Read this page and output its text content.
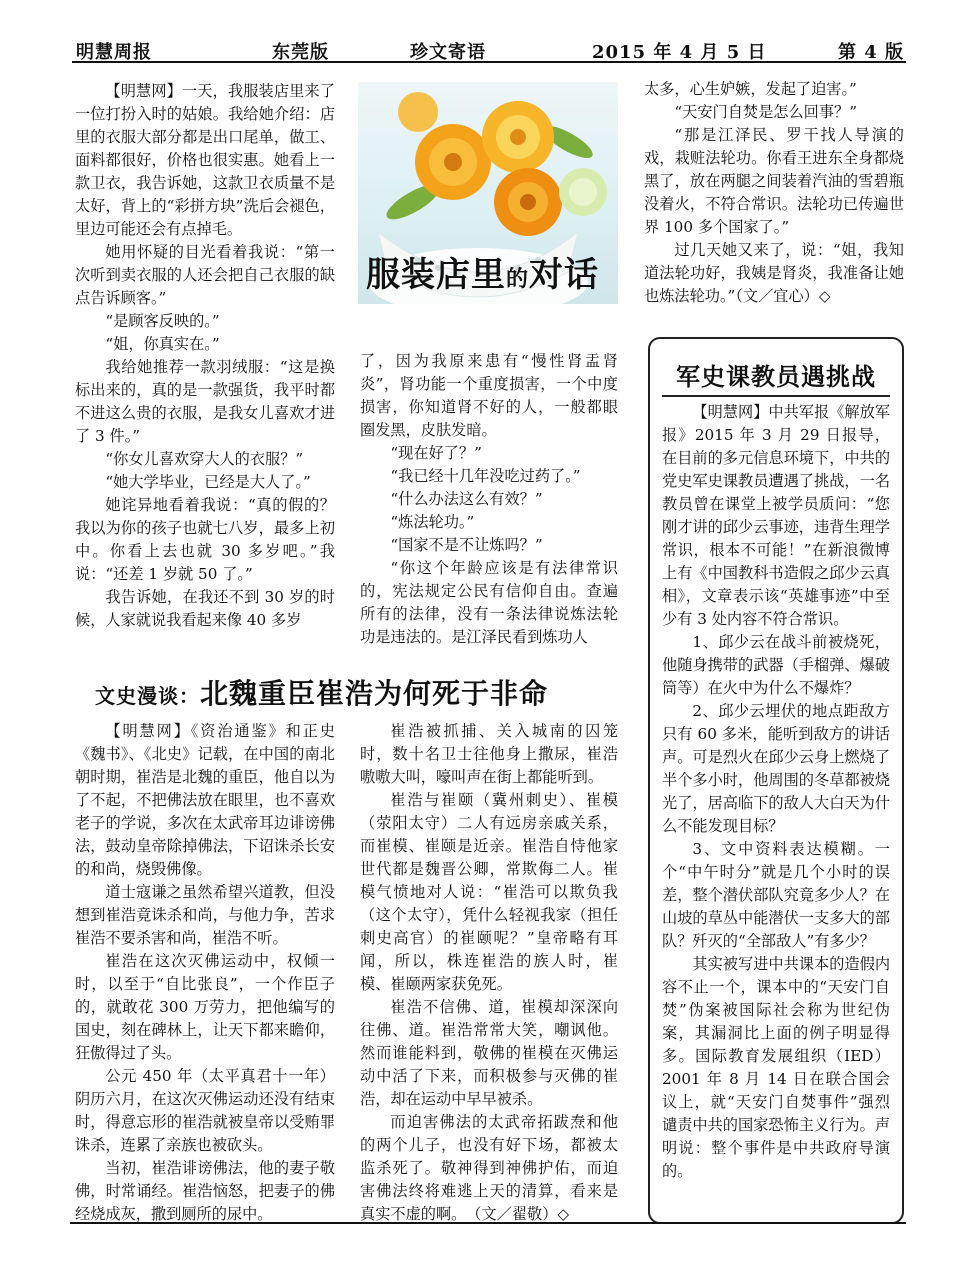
明慧周报	东莞版	珍文寄语	2015 年 4 月 5 日	第 4 版

【明慧网】一天，我服装店里来了一位打扮入时的姑娘。我给她介绍：店里的衣服大部分都是出口尾单，做工、面料都很好，价格也很实惠。她看上一款卫衣，我告诉她，这款卫衣质量不是太好，背上的“彩拼方块”洗后会褪色，里边可能还会有点掉毛。

她用怀疑的目光看着我说：“第一次听到卖衣服的人还会把自己衣服的缺点告诉顾客。”

“是顾客反映的。”

“姐，你真实在。”

我给她推荐一款羽绒服：“这是换标出来的，真的是一款强货，我平时都不进这么贵的衣服，是我女儿喜欢才进了 3 件。”

“你女儿喜欢穿大人的衣服？”

“她大学毕业，已经是大人了。”

她诧异地看着我说：“真的假的？我以为你的孩子也就七八岁，最多上初中。你看上去也就 30 多岁吧。”我说：“还差 1 岁就 50 了。”

我告诉她，在我还不到 30 岁的时候，人家就说我看起来像 40 多岁

服装店里的对话

了，因为我原来患有“慢性肾盂肾炎”，肾功能一个重度损害，一个中度损害，你知道肾不好的人，一般都眼圈发黑，皮肤发暗。

“现在好了？”

“我已经十几年没吃过药了。”

“什么办法这么有效？”

“炼法轮功。”

“国家不是不让炼吗？”

“你这个年龄应该是有法律常识的，宪法规定公民有信仰自由。查遍所有的法律，没有一条法律说炼法轮功是违法的。是江泽民看到炼功人

太多，心生妒嫉，发起了迫害。”

“天安门自焚是怎么回事？”

“那是江泽民、罗干找人导演的戏，栽赃法轮功。你看王进东全身都烧黑了，放在两腿之间装着汽油的雪碧瓶没着火，不符合常识。法轮功已传遍世界 100 多个国家了。”

过几天她又来了，说：“姐，我知道法轮功好，我姨是肾炎，我准备让她也炼法轮功。”（文／宜心）◇

文史漫谈：北魏重臣崔浩为何死于非命

【明慧网】《资治通鉴》和正史《魏书》、《北史》记载，在中国的南北朝时期，崔浩是北魏的重臣，他自以为了不起，不把佛法放在眼里，也不喜欢老子的学说，多次在太武帝耳边诽谤佛法，鼓动皇帝除掉佛法，下诏诛杀长安的和尚，烧毁佛像。

道士寇谦之虽然希望兴道教，但没想到崔浩竟诛杀和尚，与他力争，苦求崔浩不要杀害和尚，崔浩不听。

崔浩在这次灭佛运动中，权倾一时，以至于“自比张良”，一个作臣子的，就敢花 300 万劳力，把他编写的国史，刻在碑林上，让天下都来瞻仰，狂傲得过了头。

公元 450 年（太平真君十一年）阴历六月，在这次灭佛运动还没有结束时，得意忘形的崔浩就被皇帝以受贿罪诛杀，连累了亲族也被砍头。

当初，崔浩诽谤佛法，他的妻子敬佛，时常诵经。崔浩恼怒，把妻子的佛经烧成灰，撒到厕所的尿中。

崔浩被抓捕、关入城南的囚笼时，数十名卫士往他身上撒尿，崔浩嗷嗷大叫，嚎叫声在街上都能听到。

崔浩与崔颐（冀州刺史）、崔模（荥阳太守）二人有远房亲戚关系，而崔模、崔颐是近亲。崔浩自恃他家世代都是魏晋公卿，常欺侮二人。崔模气愤地对人说：“崔浩可以欺负我（这个太守），凭什么轻视我家（担任刺史高官）的崔颐呢？”皇帝略有耳闻，所以，株连崔浩的族人时，崔模、崔颐两家获免死。

崔浩不信佛、道，崔模却深深向往佛、道。崔浩常常大笑，嘲讽他。然而谁能料到，敬佛的崔模在灭佛运动中活了下来，而积极参与灭佛的崔浩，却在运动中早早被杀。

而迫害佛法的太武帝拓跋焘和他的两个儿子，也没有好下场，都被太监杀死了。敬神得到神佛护佑，而迫害佛法终将难逃上天的清算，看来是真实不虚的啊。　（文／翟敬）◇

军史课教员遇挑战

【明慧网】中共军报《解放军报》2015 年 3 月 29 日报导，在目前的多元信息环境下，中共的党史军史课教员遭遇了挑战，一名教员曾在课堂上被学员质问：“您刚才讲的邱少云事迹，违背生理学常识，根本不可能！”在新浪微博上有《中国教科书造假之邱少云真相》，文章表示该“英雄事迹”中至少有 3 处内容不符合常识。

1、邱少云在战斗前被烧死，他随身携带的武器（手榴弹、爆破筒等）在火中为什么不爆炸？

2、邱少云埋伏的地点距敌方只有 60 多米，能听到敌方的讲话声。可是烈火在邱少云身上燃烧了半个多小时，他周围的冬草都被烧光了，居高临下的敌人大白天为什么不能发现目标？

3、文中资料表达模糊。一个“中午时分”就是几个小时的误差，整个潜伏部队究竟多少人？在山坡的草丛中能潜伏一支多大的部队？歼灭的“全部敌人”有多少？

其实被写进中共课本的造假内容不止一个，课本中的“天安门自焚”伪案被国际社会称为世纪伪案，其漏洞比上面的例子明显得多。国际教育发展组织（IED）2001 年 8 月 14 日在联合国会议上，就“天安门自焚事件”强烈谴责中共的国家恐怖主义行为。声明说：整个事件是中共政府导演的。
